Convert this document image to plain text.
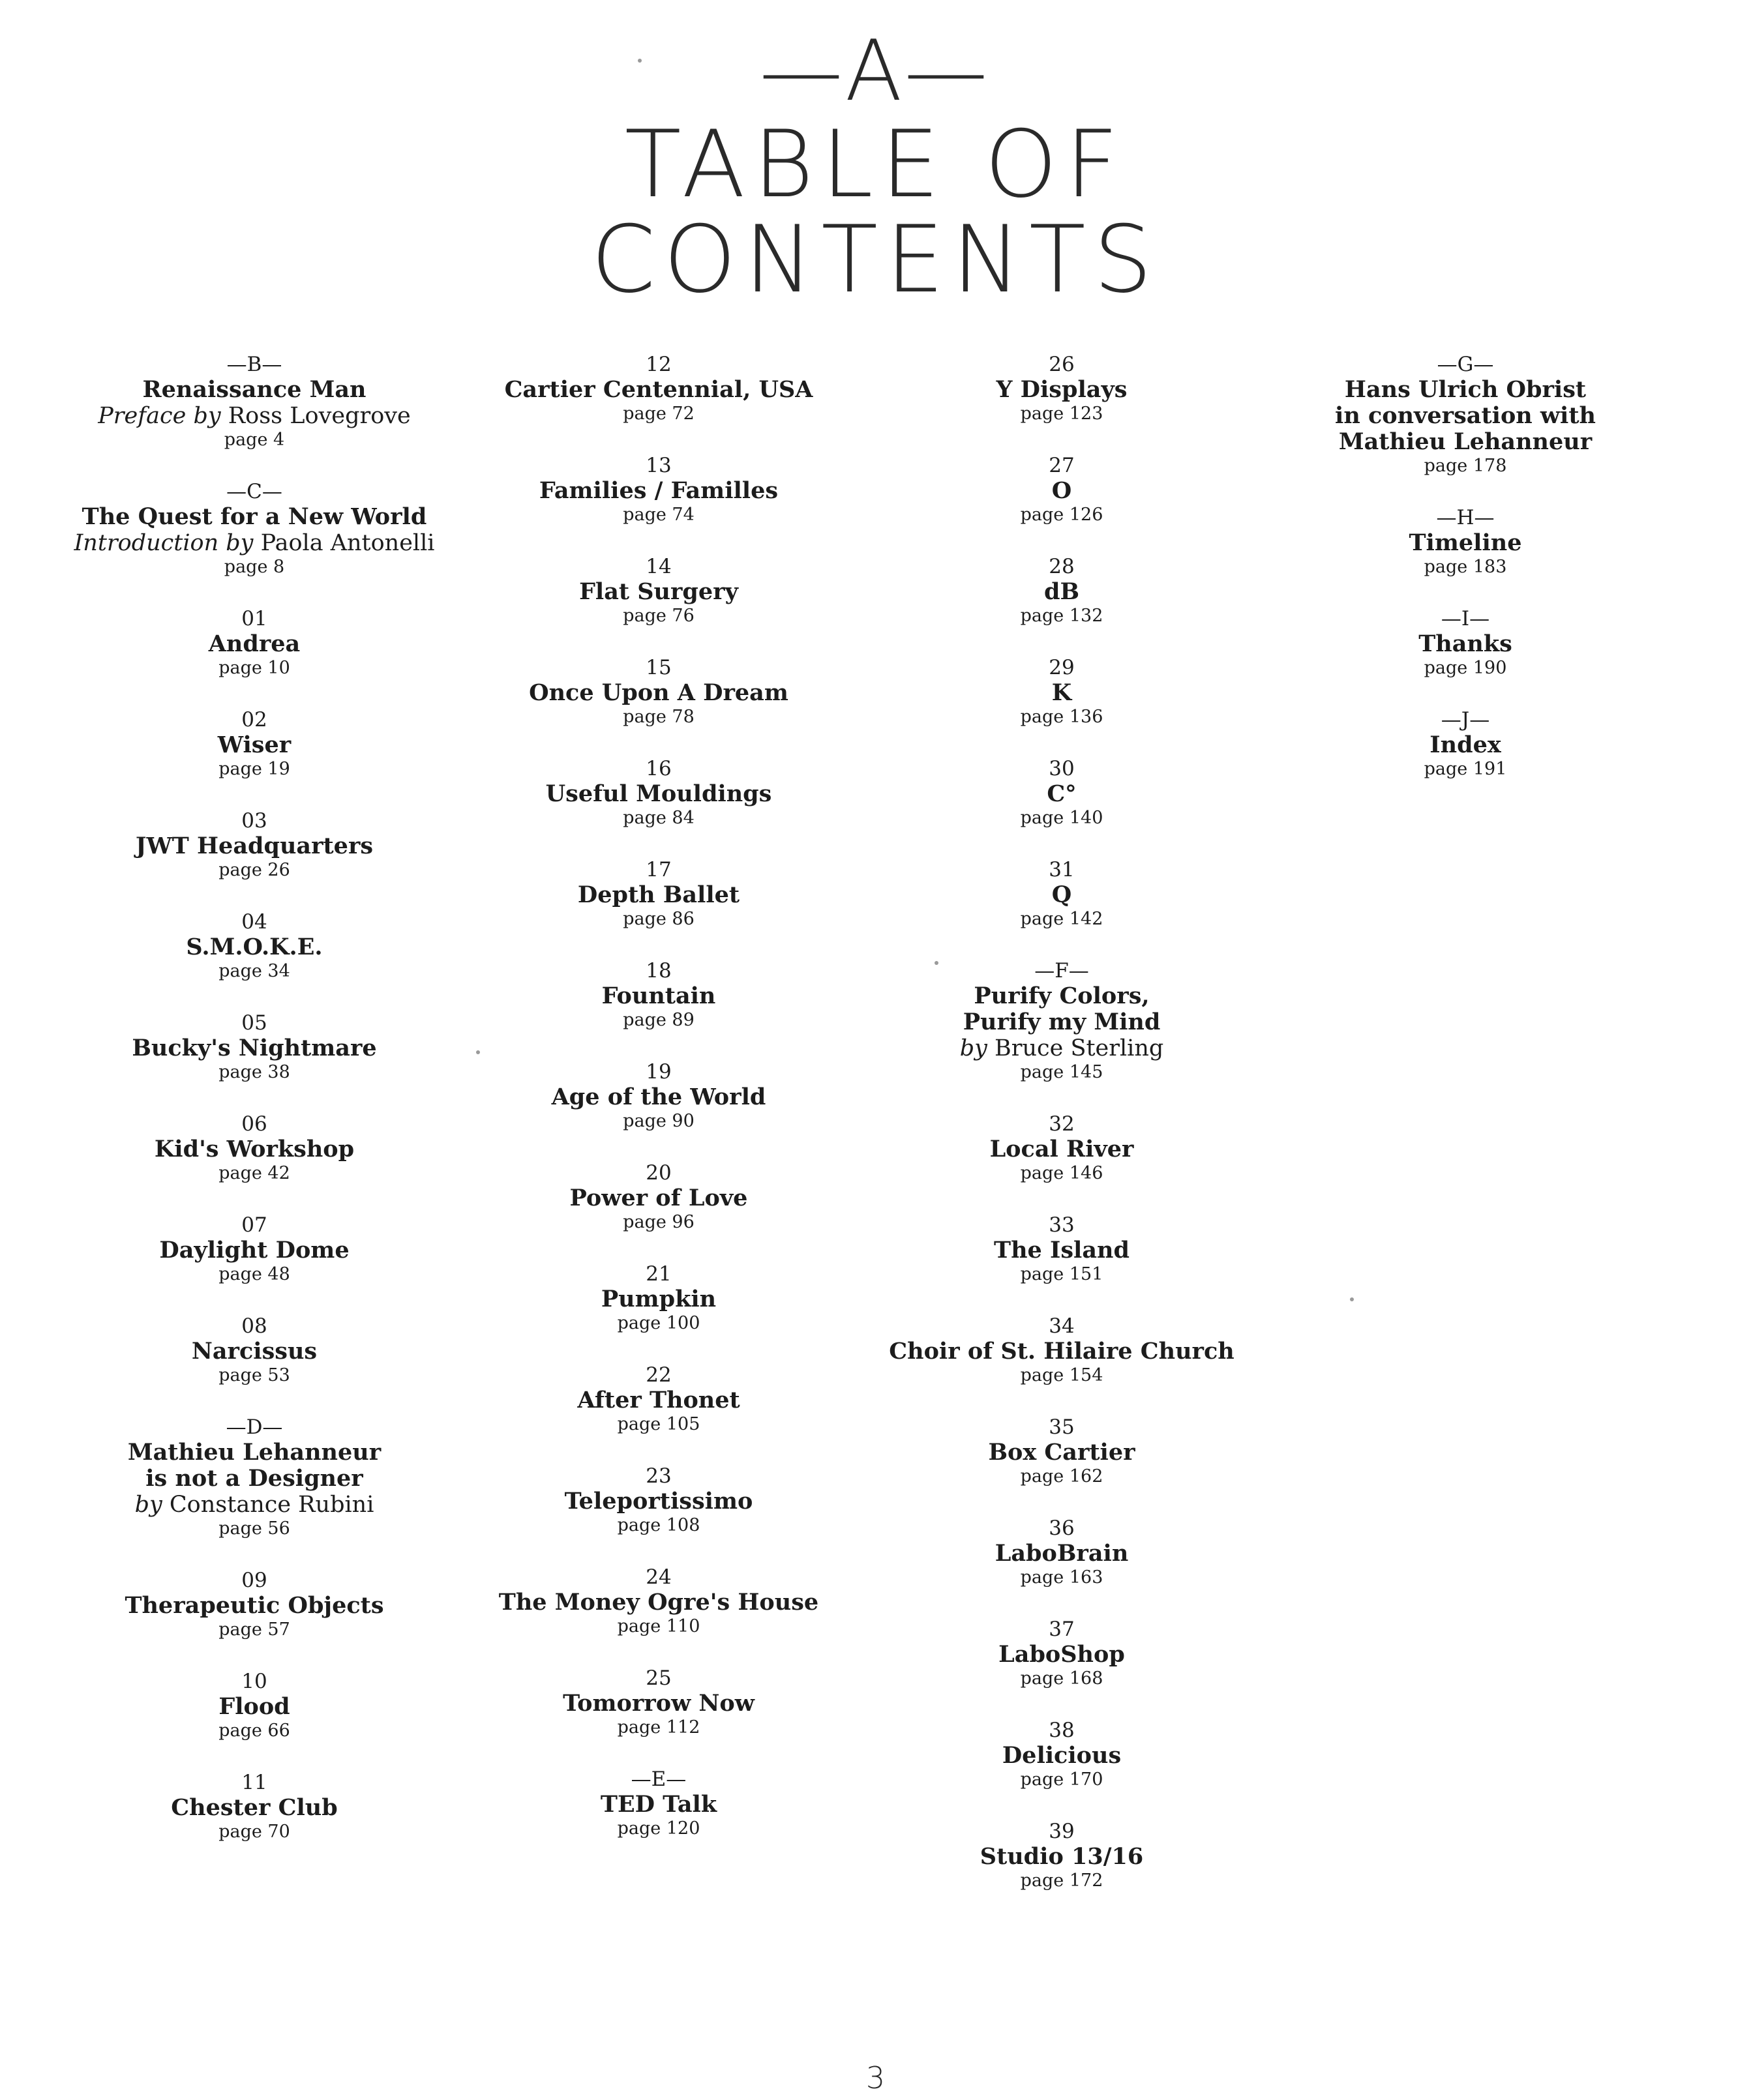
—A—
TABLE OF
CONTENTS
—B—
Renaissance Man
Preface by Ross Lovegrove
page 4
—C—
The Quest for a New World
Introduction by Paola Antonelli
page 8
01
Andrea
page 10
02
Wiser
page 19
03
JWT Headquarters
page 26
04
S.M.O.K.E.
page 34
05
Bucky's Nightmare
page 38
06
Kid's Workshop
page 42
07
Daylight Dome
page 48
08
Narcissus
page 53
—D—
Mathieu Lehanneur
is not a Designer
by Constance Rubini
page 56
09
Therapeutic Objects
page 57
10
Flood
page 66
11
Chester Club
page 70
12
Cartier Centennial, USA
page 72
13
Families / Familles
page 74
14
Flat Surgery
page 76
15
Once Upon A Dream
page 78
16
Useful Mouldings
page 84
17
Depth Ballet
page 86
18
Fountain
page 89
19
Age of the World
page 90
20
Power of Love
page 96
21
Pumpkin
page 100
22
After Thonet
page 105
23
Teleportissimo
page 108
24
The Money Ogre's House
page 110
25
Tomorrow Now
page 112
—E—
TED Talk
page 120
26
Y Displays
page 123
27
O
page 126
28
dB
page 132
29
K
page 136
30
C°
page 140
31
Q
page 142
—F—
Purify Colors,
Purify my Mind
by Bruce Sterling
page 145
32
Local River
page 146
33
The Island
page 151
34
Choir of St. Hilaire Church
page 154
35
Box Cartier
page 162
36
LaboBrain
page 163
37
LaboShop
page 168
38
Delicious
page 170
39
Studio 13/16
page 172
—G—
Hans Ulrich Obrist
in conversation with
Mathieu Lehanneur
page 178
—H—
Timeline
page 183
—I—
Thanks
page 190
—J—
Index
page 191
3
